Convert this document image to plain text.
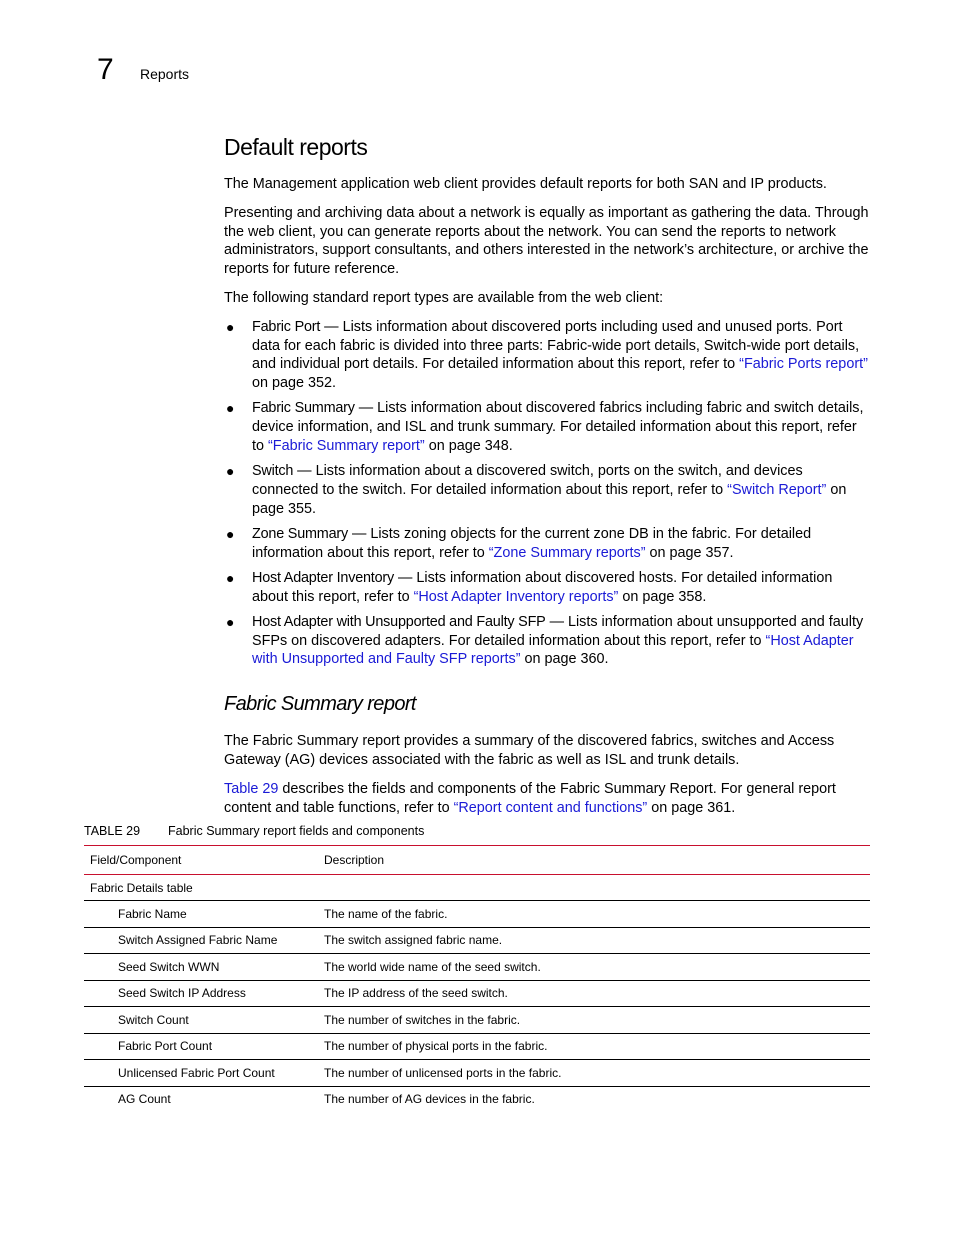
7 Reports
Default reports

The Management application web client provides default reports for both SAN and IP products.

Presenting and archiving data about a network is equally as important as gathering the data. Through the web client, you can generate reports about the network. You can send the reports to network administrators, support consultants, and others interested in the network’s architecture, or archive the reports for future reference.

The following standard report types are available from the web client:

● Fabric Port — Lists information about discovered ports including used and unused ports. Port data for each fabric is divided into three parts: Fabric-wide port details, Switch-wide port details, and individual port details. For detailed information about this report, refer to “Fabric Ports report” on page 352.
● Fabric Summary — Lists information about discovered fabrics including fabric and switch details, device information, and ISL and trunk summary. For detailed information about this report, refer to “Fabric Summary report” on page 348.
● Switch — Lists information about a discovered switch, ports on the switch, and devices connected to the switch. For detailed information about this report, refer to “Switch Report” on page 355.
● Zone Summary — Lists zoning objects for the current zone DB in the fabric. For detailed information about this report, refer to “Zone Summary reports” on page 357.
● Host Adapter Inventory — Lists information about discovered hosts. For detailed information about this report, refer to “Host Adapter Inventory reports” on page 358.
● Host Adapter with Unsupported and Faulty SFP — Lists information about unsupported and faulty SFPs on discovered adapters. For detailed information about this report, refer to “Host Adapter with Unsupported and Faulty SFP reports” on page 360.
Fabric Summary report

The Fabric Summary report provides a summary of the discovered fabrics, switches and Access Gateway (AG) devices associated with the fabric as well as ISL and trunk details.

Table 29 describes the fields and components of the Fabric Summary Report. For general report content and table functions, refer to “Report content and functions” on page 361.

TABLE 29 Fabric Summary report fields and components
Field/Component	Description
Fabric Details table	
Fabric Name	The name of the fabric.
Switch Assigned Fabric Name	The switch assigned fabric name.
Seed Switch WWN	The world wide name of the seed switch.
Seed Switch IP Address	The IP address of the seed switch.
Switch Count	The number of switches in the fabric.
Fabric Port Count	The number of physical ports in the fabric.
Unlicensed Fabric Port Count	The number of unlicensed ports in the fabric.
AG Count	The number of AG devices in the fabric.
